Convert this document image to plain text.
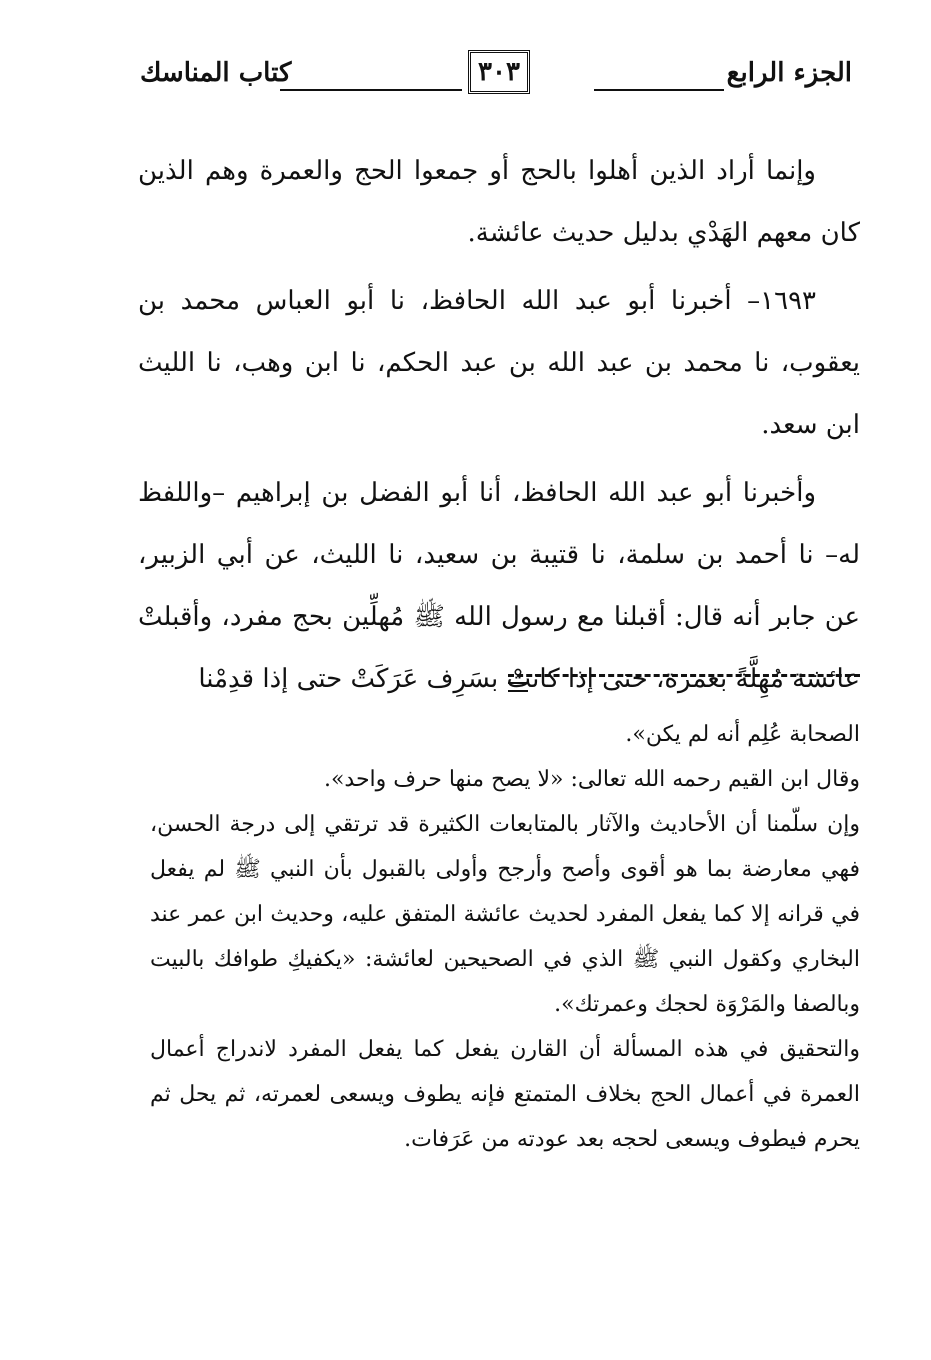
الجزء الرابع
٣٠٣
كتاب المناسك

وإنما أراد الذين أهلوا بالحج أو جمعوا الحج والعمرة وهم الذين كان معهم الهَدْي بدليل حديث عائشة.

١٦٩٣– أخبرنا أبو عبد الله الحافظ، نا أبو العباس محمد بن يعقوب، نا محمد بن عبد الله بن عبد الحكم، نا ابن وهب، نا الليث ابن سعد.

وأخبرنا أبو عبد الله الحافظ، أنا أبو الفضل بن إبراهيم –واللفظ له– نا أحمد بن سلمة، نا قتيبة بن سعيد، نا الليث، عن أبي الزبير، عن جابر أنه قال: أقبلنا مع رسول الله ﷺ مُهلِّين بحج مفرد، وأقبلتْ عائشة مُهِلَّةً بعمرة، حتى إذا كانتْ بسَرِف عَرَكَتْ حتى إذا قدِمْنا

الصحابة عُلِم أنه لم يكن».

وقال ابن القيم رحمه الله تعالى: «لا يصح منها حرف واحد».

وإن سلّمنا أن الأحاديث والآثار بالمتابعات الكثيرة قد ترتقي إلى درجة الحسن، فهي معارضة بما هو أقوى وأصح وأرجح وأولى بالقبول بأن النبي ﷺ لم يفعل في قرانه إلا كما يفعل المفرد لحديث عائشة المتفق عليه، وحديث ابن عمر عند البخاري وكقول النبي ﷺ الذي في الصحيحين لعائشة: «يكفيكِ طوافك بالبيت وبالصفا والمَرْوَة لحجك وعمرتك».

والتحقيق في هذه المسألة أن القارن يفعل كما يفعل المفرد لاندراج أعمال العمرة في أعمال الحج بخلاف المتمتع فإنه يطوف ويسعى لعمرته، ثم يحل ثم يحرم فيطوف ويسعى لحجه بعد عودته من عَرَفات.
